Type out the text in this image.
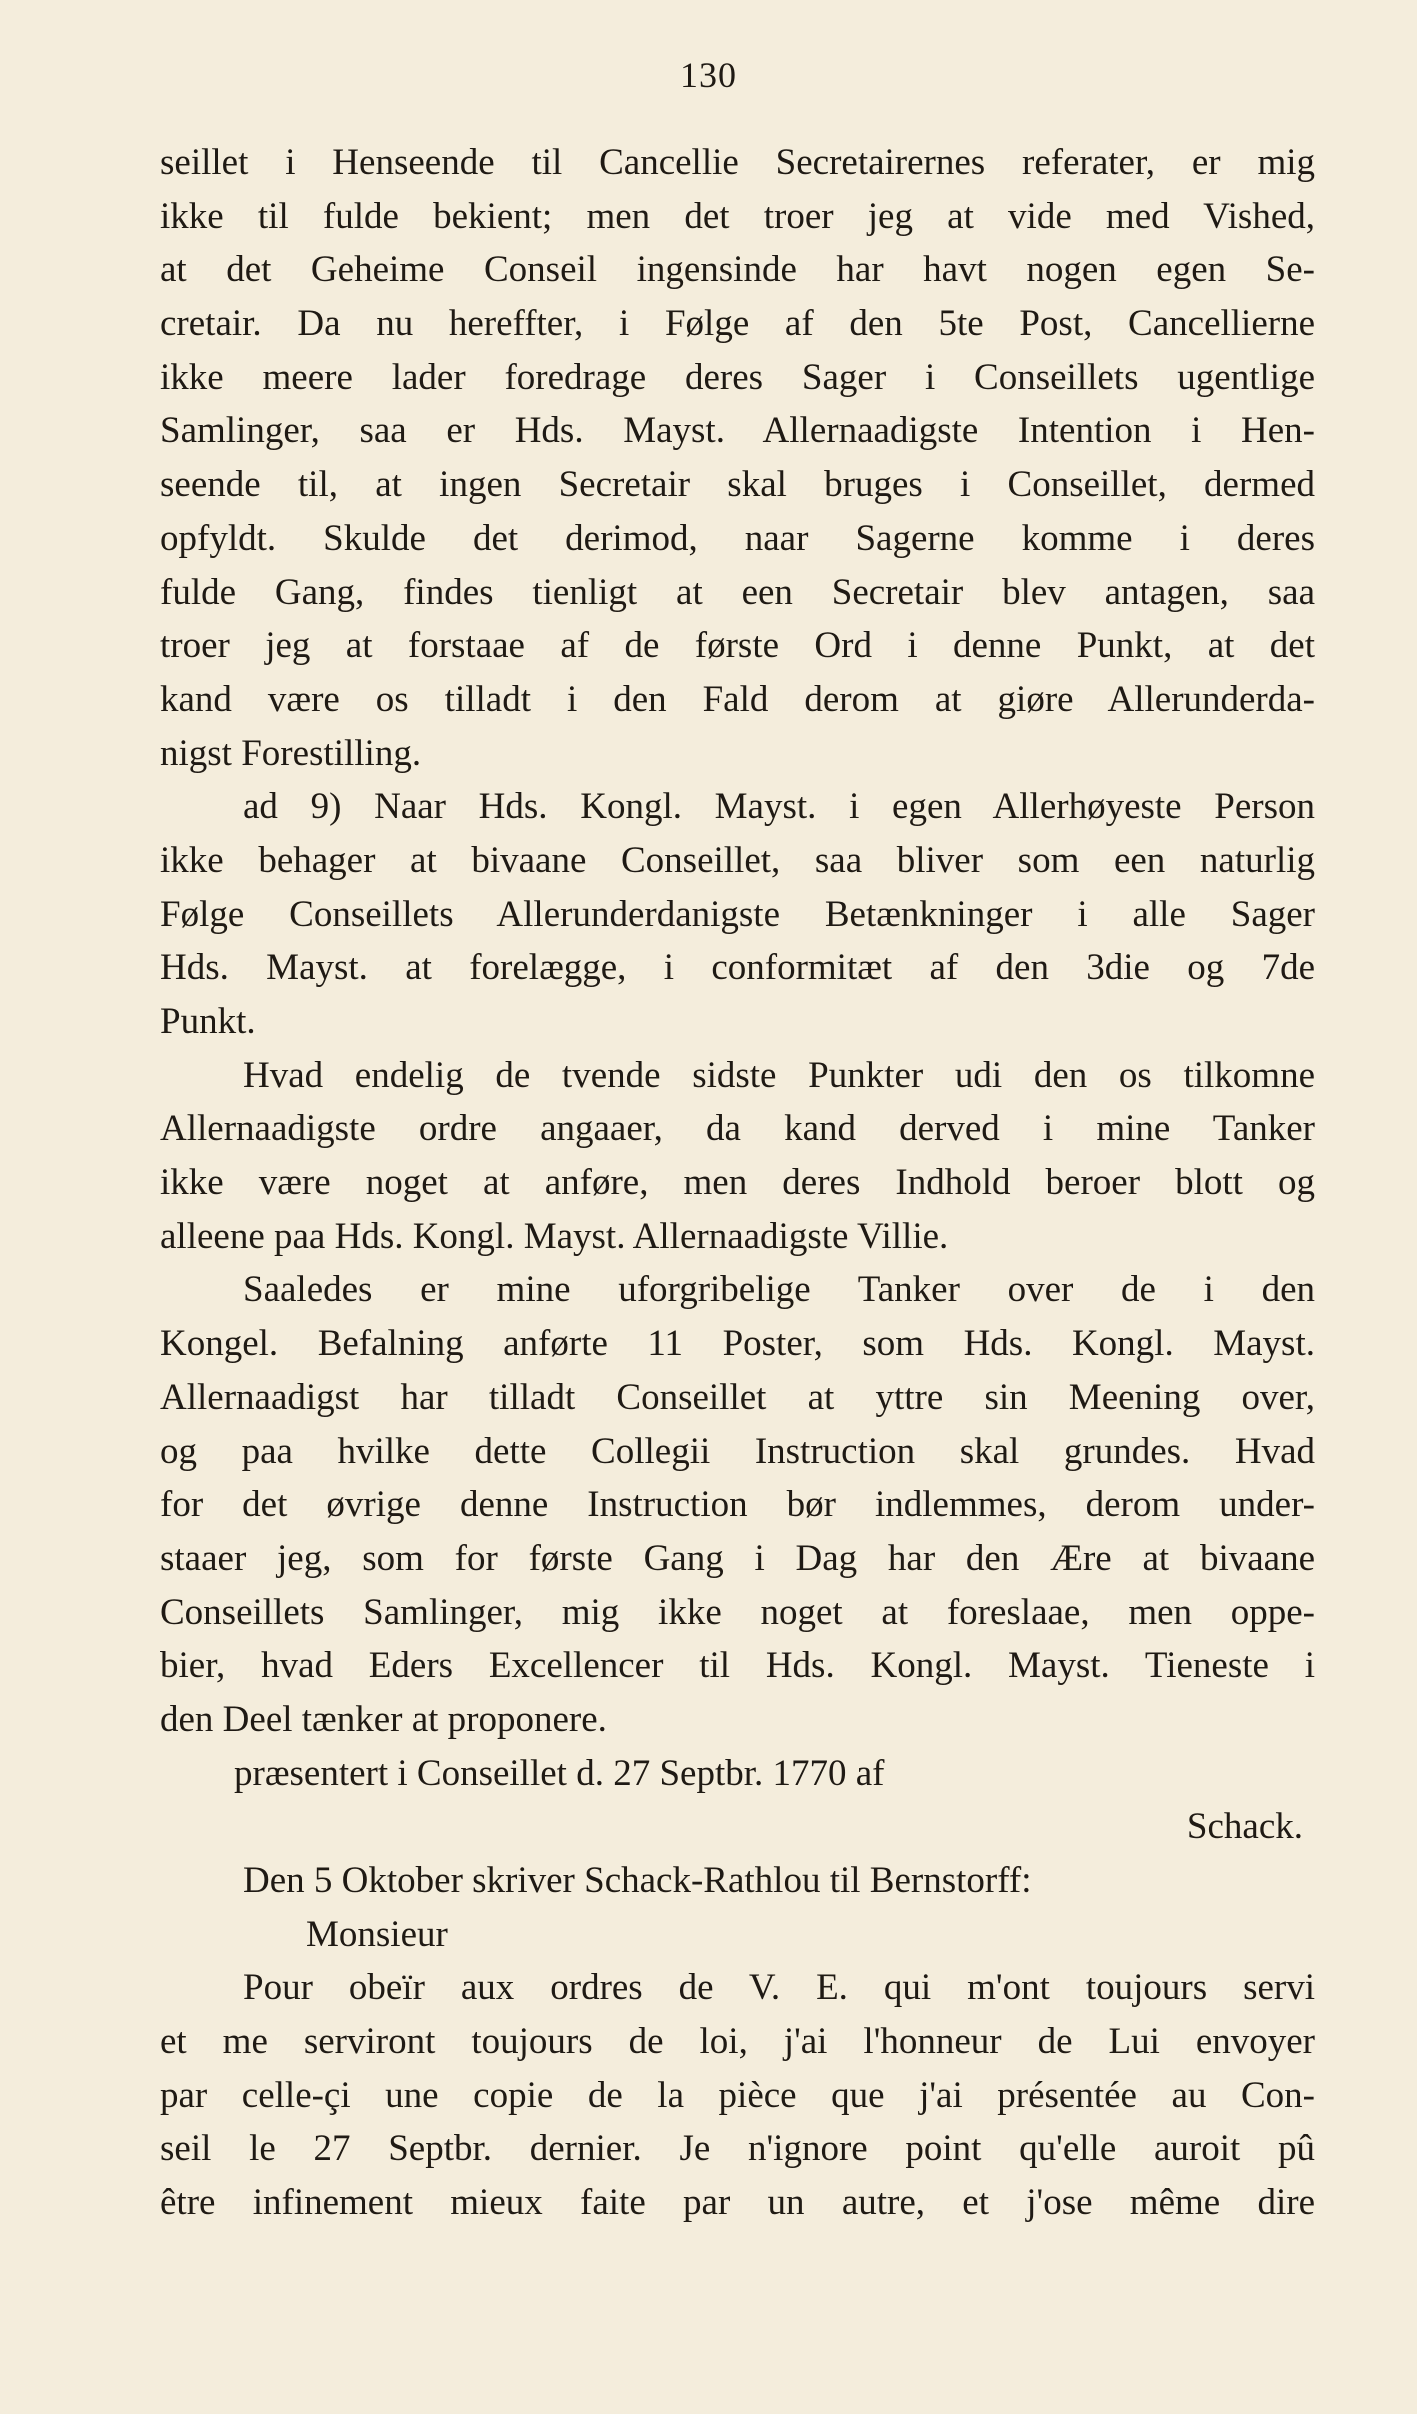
130
seillet i Henseende til Cancellie Secretairernes referater, er mig
ikke til fulde bekient; men det troer jeg at vide med Vished,
at det Geheime Conseil ingensinde har havt nogen egen Se-
cretair. Da nu hereffter, i Følge af den 5te Post, Cancellierne
ikke meere lader foredrage deres Sager i Conseillets ugentlige
Samlinger, saa er Hds. Mayst. Allernaadigste Intention i Hen-
seende til, at ingen Secretair skal bruges i Conseillet, dermed
opfyldt. Skulde det derimod, naar Sagerne komme i deres
fulde Gang, findes tienligt at een Secretair blev antagen, saa
troer jeg at forstaae af de første Ord i denne Punkt, at det
kand være os tilladt i den Fald derom at giøre Allerunderda-
nigst Forestilling.
ad 9) Naar Hds. Kongl. Mayst. i egen Allerhøyeste Person
ikke behager at bivaane Conseillet, saa bliver som een naturlig
Følge Conseillets Allerunderdanigste Betænkninger i alle Sager
Hds. Mayst. at forelægge, i conformitæt af den 3die og 7de
Punkt.
Hvad endelig de tvende sidste Punkter udi den os tilkomne
Allernaadigste ordre angaaer, da kand derved i mine Tanker
ikke være noget at anføre, men deres Indhold beroer blott og
alleene paa Hds. Kongl. Mayst. Allernaadigste Villie.
Saaledes er mine uforgribelige Tanker over de i den
Kongel. Befalning anførte 11 Poster, som Hds. Kongl. Mayst.
Allernaadigst har tilladt Conseillet at yttre sin Meening over,
og paa hvilke dette Collegii Instruction skal grundes. Hvad
for det øvrige denne Instruction bør indlemmes, derom under-
staaer jeg, som for første Gang i Dag har den Ære at bivaane
Conseillets Samlinger, mig ikke noget at foreslaae, men oppe-
bier, hvad Eders Excellencer til Hds. Kongl. Mayst. Tieneste i
den Deel tænker at proponere.
præsentert i Conseillet d. 27 Septbr. 1770 af
Schack.
Den 5 Oktober skriver Schack-Rathlou til Bernstorff:
Monsieur
Pour obeïr aux ordres de V. E. qui m'ont toujours servi
et me serviront toujours de loi, j'ai l'honneur de Lui envoyer
par celle-çi une copie de la pièce que j'ai présentée au Con-
seil le 27 Septbr. dernier. Je n'ignore point qu'elle auroit pû
être infinement mieux faite par un autre, et j'ose même dire
